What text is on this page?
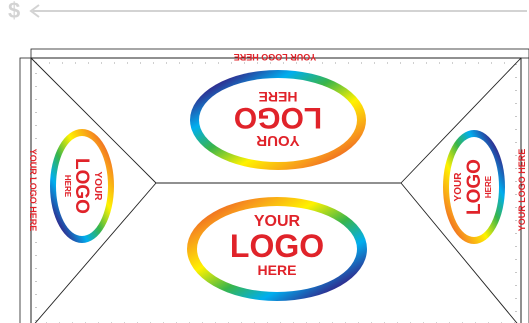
$
YOUR LOGO HERE
YOUR LOGO HERE	YOUR LOGO HERE
YOUR
LOGO
HERE
YOUR
LOGO
HERE
YOUR
LOGO
HERE	YOUR LOGO HERE
